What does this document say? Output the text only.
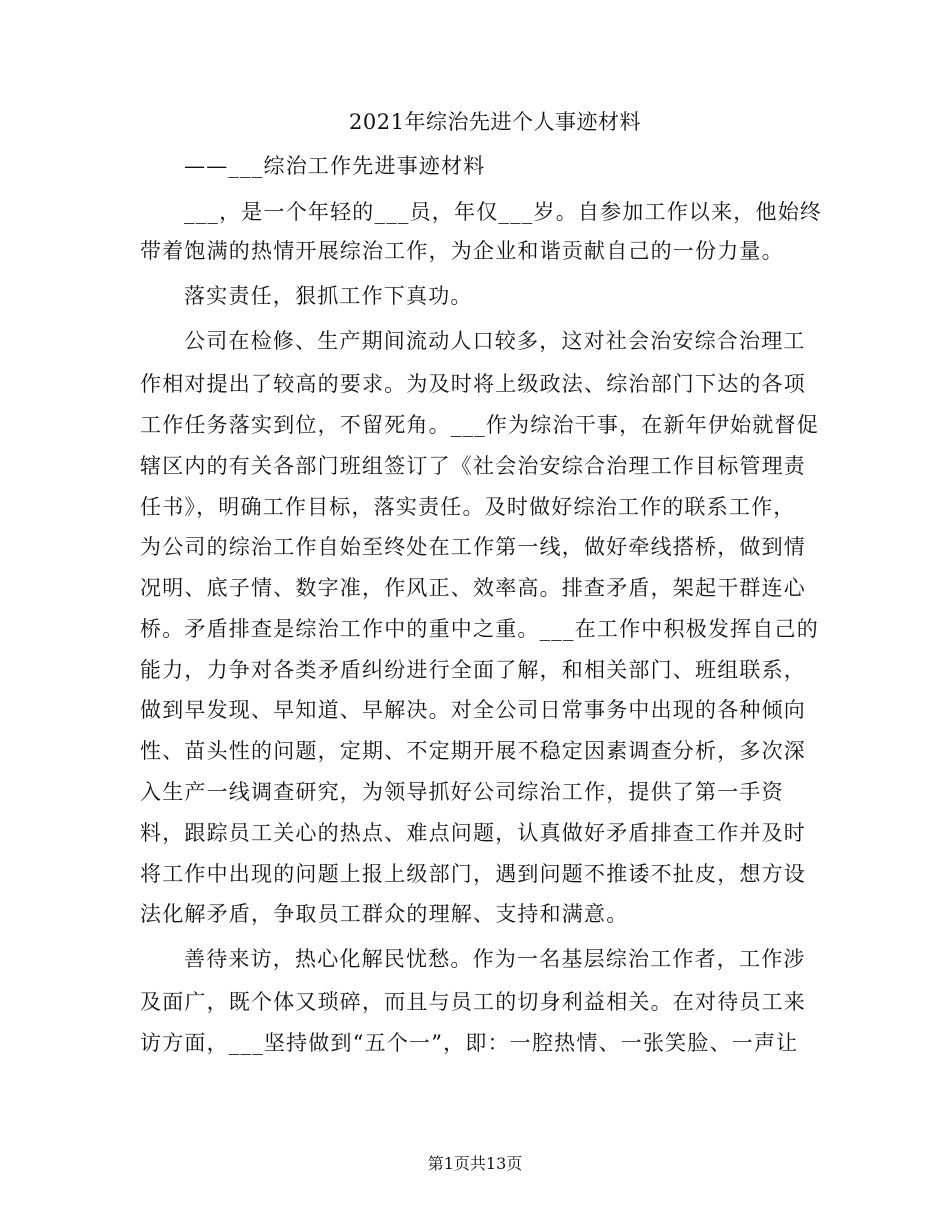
2021年综治先进个人事迹材料
——___综治工作先进事迹材料
___，是一个年轻的___员，年仅___岁。自参加工作以来，他始终
带着饱满的热情开展综治工作，为企业和谐贡献自己的一份力量。
落实责任，狠抓工作下真功。
公司在检修、生产期间流动人口较多，这对社会治安综合治理工
作相对提出了较高的要求。为及时将上级政法、综治部门下达的各项
工作任务落实到位，不留死角。___作为综治干事，在新年伊始就督促
辖区内的有关各部门班组签订了《社会治安综合治理工作目标管理责
任书》，明确工作目标，落实责任。及时做好综治工作的联系工作，
为公司的综治工作自始至终处在工作第一线，做好牵线搭桥，做到情
况明、底子情、数字准，作风正、效率高。排查矛盾，架起干群连心
桥。矛盾排查是综治工作中的重中之重。___在工作中积极发挥自己的
能力，力争对各类矛盾纠纷进行全面了解，和相关部门、班组联系，
做到早发现、早知道、早解决。对全公司日常事务中出现的各种倾向
性、苗头性的问题，定期、不定期开展不稳定因素调查分析，多次深
入生产一线调查研究，为领导抓好公司综治工作，提供了第一手资
料，跟踪员工关心的热点、难点问题，认真做好矛盾排查工作并及时
将工作中出现的问题上报上级部门，遇到问题不推诿不扯皮，想方设
法化解矛盾，争取员工群众的理解、支持和满意。
善待来访，热心化解民忧愁。作为一名基层综治工作者，工作涉
及面广，既个体又琐碎，而且与员工的切身利益相关。在对待员工来
访方面，___坚持做到“五个一”，即：一腔热情、一张笑脸、一声让
第1页共13页
